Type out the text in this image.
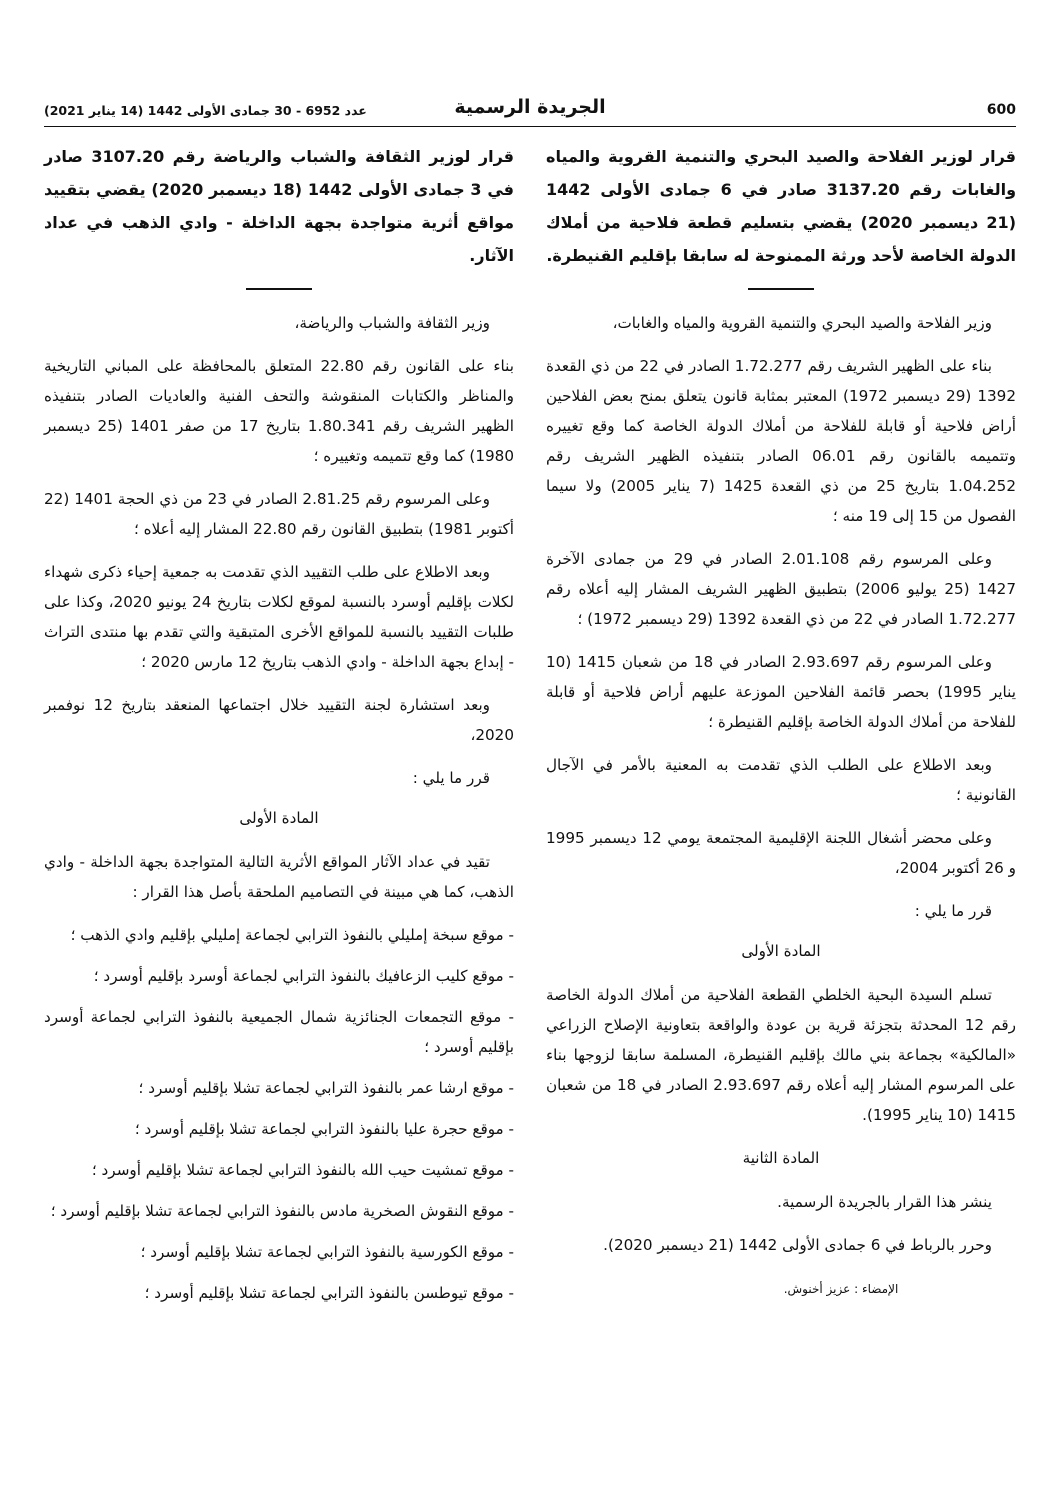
600
الجريدة الرسمية
عدد 6952 - 30 جمادى الأولى 1442 (14 يناير 2021)

قرار لوزير الفلاحة والصيد البحري والتنمية القروية والمياه والغابات رقم 3137.20 صادر في 6 جمادى الأولى 1442 (21 ديسمبر 2020) يقضي بتسليم قطعة فلاحية من أملاك الدولة الخاصة لأحد ورثة الممنوحة له سابقا بإقليم القنيطرة.

وزير الفلاحة والصيد البحري والتنمية القروية والمياه والغابات،

بناء على الظهير الشريف رقم 1.72.277 الصادر في 22 من ذي القعدة 1392 (29 ديسمبر 1972) المعتبر بمثابة قانون يتعلق بمنح بعض الفلاحين أراض فلاحية أو قابلة للفلاحة من أملاك الدولة الخاصة كما وقع تغييره وتتميمه بالقانون رقم 06.01 الصادر بتنفيذه الظهير الشريف رقم 1.04.252 بتاريخ 25 من ذي القعدة 1425 (7 يناير 2005) ولا سيما الفصول من 15 إلى 19 منه ؛

وعلى المرسوم رقم 2.01.108 الصادر في 29 من جمادى الآخرة 1427 (25 يوليو 2006) بتطبيق الظهير الشريف المشار إليه أعلاه رقم 1.72.277 الصادر في 22 من ذي القعدة 1392 (29 ديسمبر 1972) ؛

وعلى المرسوم رقم 2.93.697 الصادر في 18 من شعبان 1415 (10 يناير 1995) بحصر قائمة الفلاحين الموزعة عليهم أراض فلاحية أو قابلة للفلاحة من أملاك الدولة الخاصة بإقليم القنيطرة ؛

وبعد الاطلاع على الطلب الذي تقدمت به المعنية بالأمر في الآجال القانونية ؛

وعلى محضر أشغال اللجنة الإقليمية المجتمعة يومي 12 ديسمبر 1995 و 26 أكتوبر 2004،

قرر ما يلي :

المادة الأولى

تسلم السيدة البحية الخلطي القطعة الفلاحية من أملاك الدولة الخاصة رقم 12 المحدثة بتجزئة قرية بن عودة والواقعة بتعاونية الإصلاح الزراعي «المالكية» بجماعة بني مالك بإقليم القنيطرة، المسلمة سابقا لزوجها بناء على المرسوم المشار إليه أعلاه رقم 2.93.697 الصادر في 18 من شعبان 1415 (10 يناير 1995).

المادة الثانية

ينشر هذا القرار بالجريدة الرسمية.

وحرر بالرباط في 6 جمادى الأولى 1442 (21 ديسمبر 2020).

الإمضاء : عزيز أخنوش.

قرار لوزير الثقافة والشباب والرياضة رقم 3107.20 صادر في 3 جمادى الأولى 1442 (18 ديسمبر 2020) يقضي بتقييد مواقع أثرية متواجدة بجهة الداخلة - وادي الذهب في عداد الآثار.

وزير الثقافة والشباب والرياضة،

بناء على القانون رقم 22.80 المتعلق بالمحافظة على المباني التاريخية والمناظر والكتابات المنقوشة والتحف الفنية والعاديات الصادر بتنفيذه الظهير الشريف رقم 1.80.341 بتاريخ 17 من صفر 1401 (25 ديسمبر 1980) كما وقع تتميمه وتغييره ؛

وعلى المرسوم رقم 2.81.25 الصادر في 23 من ذي الحجة 1401 (22 أكتوبر 1981) بتطبيق القانون رقم 22.80 المشار إليه أعلاه ؛

وبعد الاطلاع على طلب التقييد الذي تقدمت به جمعية إحياء ذكرى شهداء لكلات بإقليم أوسرد بالنسبة لموقع لكلات بتاريخ 24 يونيو 2020، وكذا على طلبات التقييد بالنسبة للمواقع الأخرى المتبقية والتي تقدم بها منتدى التراث - إبداع بجهة الداخلة - وادي الذهب بتاريخ 12 مارس 2020 ؛

وبعد استشارة لجنة التقييد خلال اجتماعها المنعقد بتاريخ 12 نوفمبر 2020،

قرر ما يلي :

المادة الأولى

تقيد في عداد الآثار المواقع الأثرية التالية المتواجدة بجهة الداخلة - وادي الذهب، كما هي مبينة في التصاميم الملحقة بأصل هذا القرار :

- موقع سبخة إمليلي بالنفوذ الترابي لجماعة إمليلي بإقليم وادي الذهب ؛

- موقع كليب الزعافيك بالنفوذ الترابي لجماعة أوسرد بإقليم أوسرد ؛

- موقع التجمعات الجنائزية شمال الجميعية بالنفوذ الترابي لجماعة أوسرد بإقليم أوسرد ؛

- موقع ارشا عمر بالنفوذ الترابي لجماعة تشلا بإقليم أوسرد ؛

- موقع حجرة عليا بالنفوذ الترابي لجماعة تشلا بإقليم أوسرد ؛

- موقع تمشيت حيب الله بالنفوذ الترابي لجماعة تشلا بإقليم أوسرد ؛

- موقع النقوش الصخرية مادس بالنفوذ الترابي لجماعة تشلا بإقليم أوسرد ؛

- موقع الكورسية بالنفوذ الترابي لجماعة تشلا بإقليم أوسرد ؛

- موقع تيوطسن بالنفوذ الترابي لجماعة تشلا بإقليم أوسرد ؛
